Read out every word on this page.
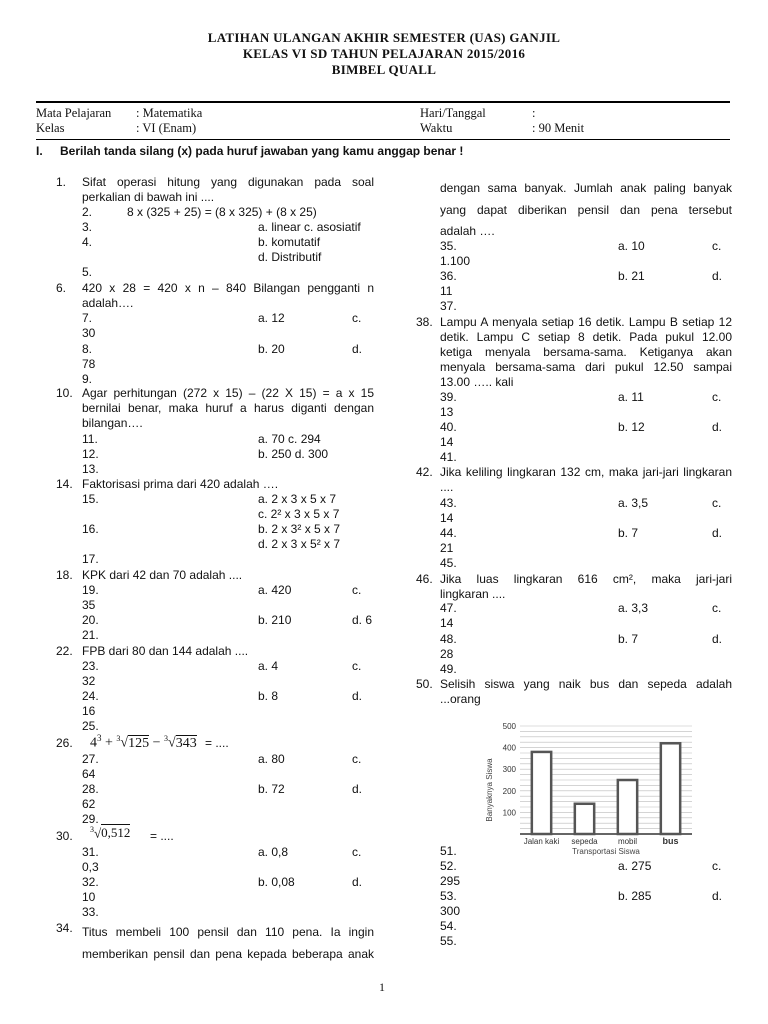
LATIHAN ULANGAN AKHIR SEMESTER (UAS) GANJIL
KELAS VI SD TAHUN PELAJARAN 2015/2016
BIMBEL QUALL
Mata Pelajaran : Matematika	Hari/Tanggal	:
Kelas	: VI (Enam)	Waktu	: 90 Menit
I. Berilah tanda silang (x) pada huruf jawaban yang kamu anggap benar !
1. Sifat operasi hitung yang digunakan pada soal
perkalian di bawah ini ....
2.	8 x (325 + 25) = (8 x 325) + (8 x 25)
3.	a. linear c. asosiatif
4.	b. komutatif
d. Distributif
5.
6. 420 x 28 = 420 x n – 840 Bilangan pengganti n
adalah….
7.	a. 12	c.
30
8.	b. 20	d.
78
9.
10. Agar perhitungan (272 x 15) – (22 X 15) = a x 15
bernilai benar, maka huruf a harus diganti dengan
bilangan….
11.	a. 70 c. 294
12.	b. 250 d. 300
13.
14. Faktorisasi prima dari 420 adalah ….
15.	a. 2 x 3 x 5 x 7
c. 2² x 3 x 5 x 7
16.	b. 2 x 3² x 5 x 7
d. 2 x 3 x 5² x 7
17.
18. KPK dari 42 dan 70 adalah ....
19.	a. 420	c.
35
20.	b. 210	d. 6
21.
22. FPB dari 80 dan 144 adalah ....
23.	a. 4	c.
32
24.	b. 8	d.
16
25.
26. $4^3 + ^3√125 - ^3√343$ = ....
27.	a. 80	c.
64
28.	b. 72	d.
62
29.
30. $^3$√0,512 = ....
31.	a. 0,8	c.
0,3
32.	b. 0,08	d.
10
33.
34. Titus membeli 100 pensil dan 110 pena. Ia ingin
memberikan pensil dan pena kepada beberapa anak
dengan sama banyak. Jumlah anak paling banyak
yang dapat diberikan pensil dan pena tersebut
adalah ….
35.	a. 10	c.
1.100
36.	b. 21	d.
11
37.
38. Lampu A menyala setiap 16 detik. Lampu B setiap 12
detik. Lampu C setiap 8 detik. Pada pukul 12.00
ketiga menyala bersama-sama. Ketiganya akan
menyala bersama-sama dari pukul 12.50 sampai
13.00 ….. kali
39.	a. 11	c.
13
40.	b. 12	d.
14
41.
42. Jika keliling lingkaran 132 cm, maka jari-jari lingkaran
....
43.	a. 3,5	c.
14
44.	b. 7	d.
21
45.
46. Jika luas lingkaran 616 cm², maka jari-jari
lingkaran ....
47.	a. 3,3	c.
14
48.	b. 7	d.
28
49.
50. Selisih siswa yang naik bus dan sepeda adalah
...orang
Banyaknya Siswa 100
200
300
400
500
Jalan kaki sepeda	mobil	bus
Transportasi Siswa
51.
52.	a. 275	c.
295
53.	b. 285	d.
300
54.
55.
1
